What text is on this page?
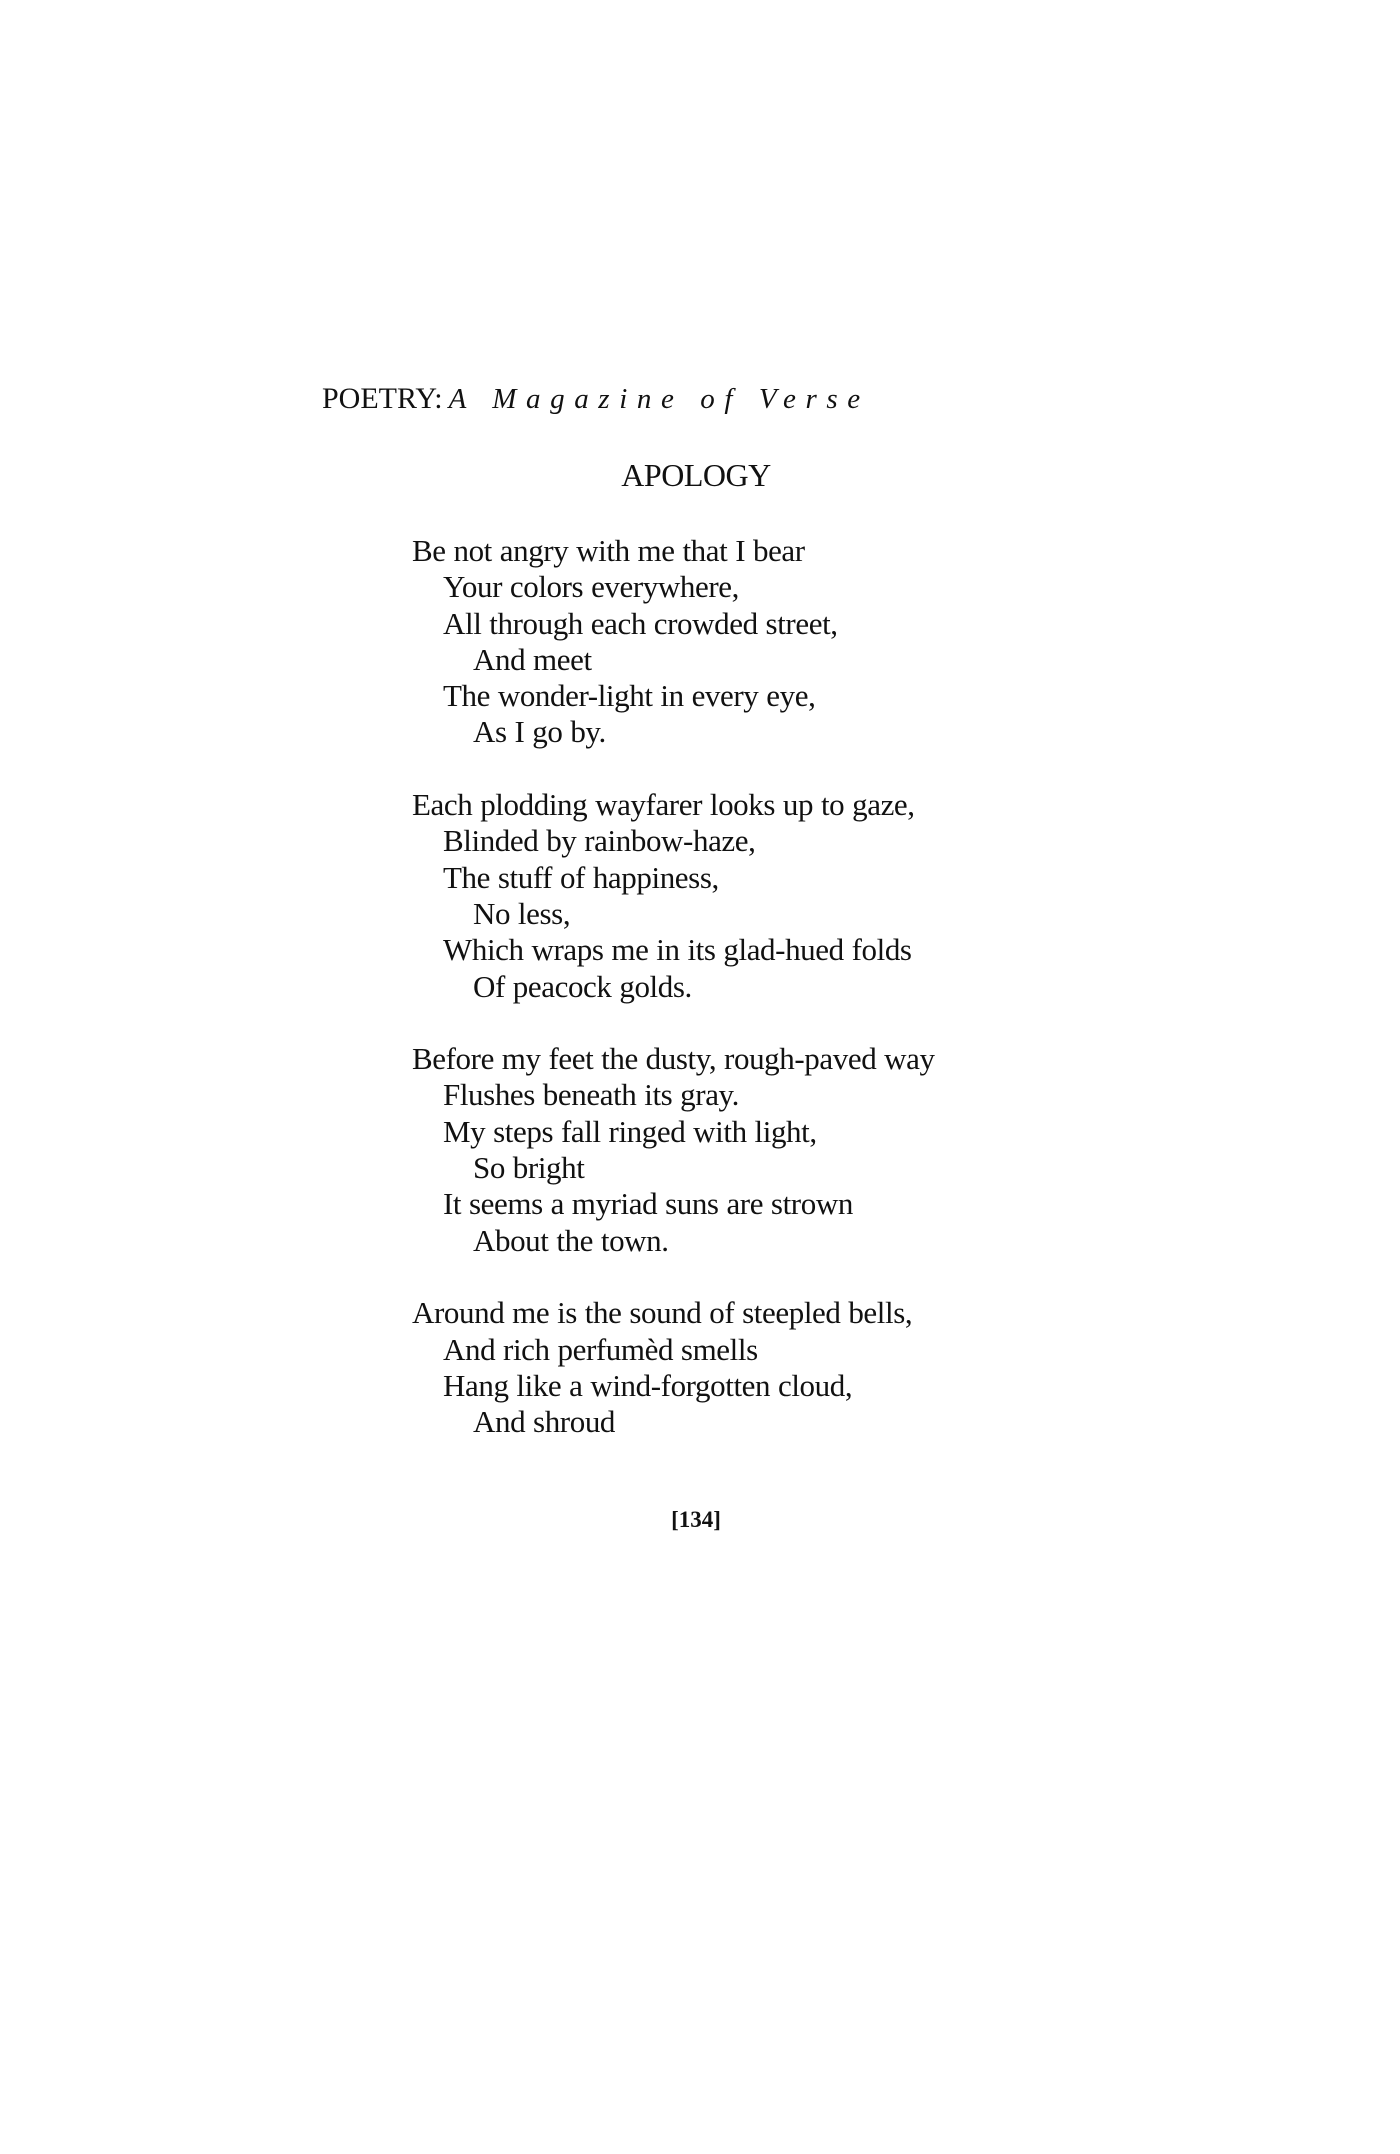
POETRY: A Magazine of Verse
APOLOGY
Be not angry with me that I bear
Your colors everywhere,
All through each crowded street,
And meet
The wonder-light in every eye,
As I go by.
Each plodding wayfarer looks up to gaze,
Blinded by rainbow-haze,
The stuff of happiness,
No less,
Which wraps me in its glad-hued folds
Of peacock golds.
Before my feet the dusty, rough-paved way
Flushes beneath its gray.
My steps fall ringed with light,
So bright
It seems a myriad suns are strown
About the town.
Around me is the sound of steepled bells,
And rich perfumèd smells
Hang like a wind-forgotten cloud,
And shroud
[134]
